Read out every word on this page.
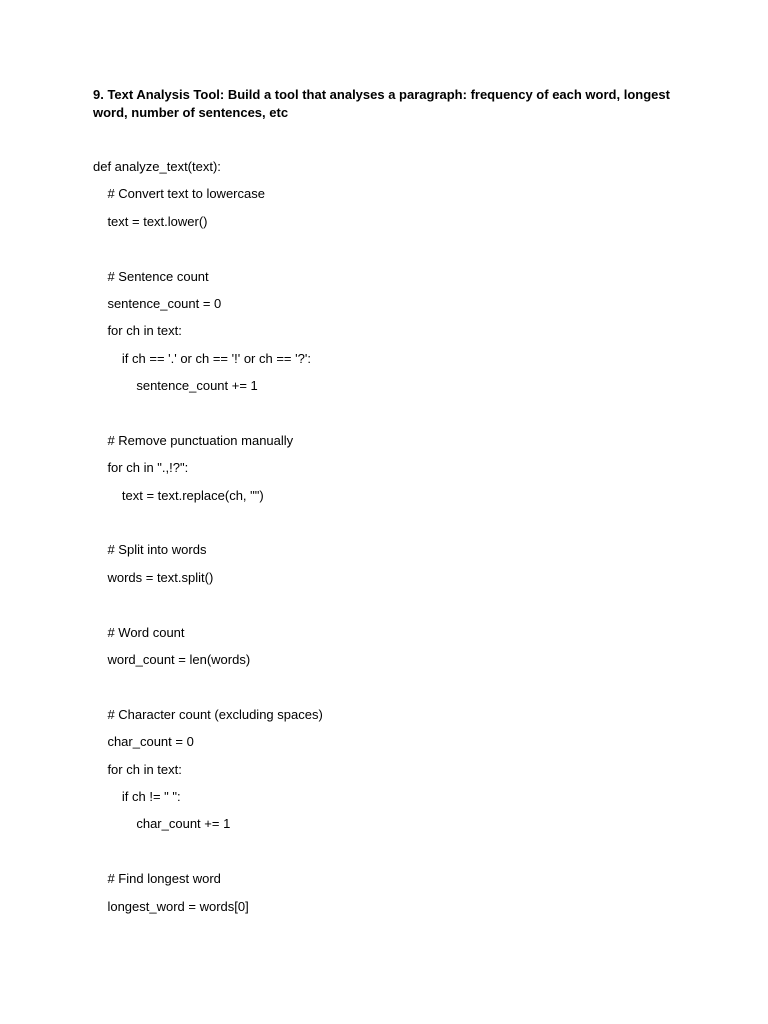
9. Text Analysis Tool: Build a tool that analyses a paragraph: frequency of each word, longest word, number of sentences, etc

def analyze_text(text):
# Convert text to lowercase
text = text.lower()
# Sentence count
sentence_count = 0
for ch in text:
if ch == '.' or ch == '!' or ch == '?':
sentence_count += 1
# Remove punctuation manually
for ch in ".,!?":
text = text.replace(ch, "")
# Split into words
words = text.split()
# Word count
word_count = len(words)
# Character count (excluding spaces)
char_count = 0
for ch in text:
if ch != " ":
char_count += 1
# Find longest word
longest_word = words[0]
